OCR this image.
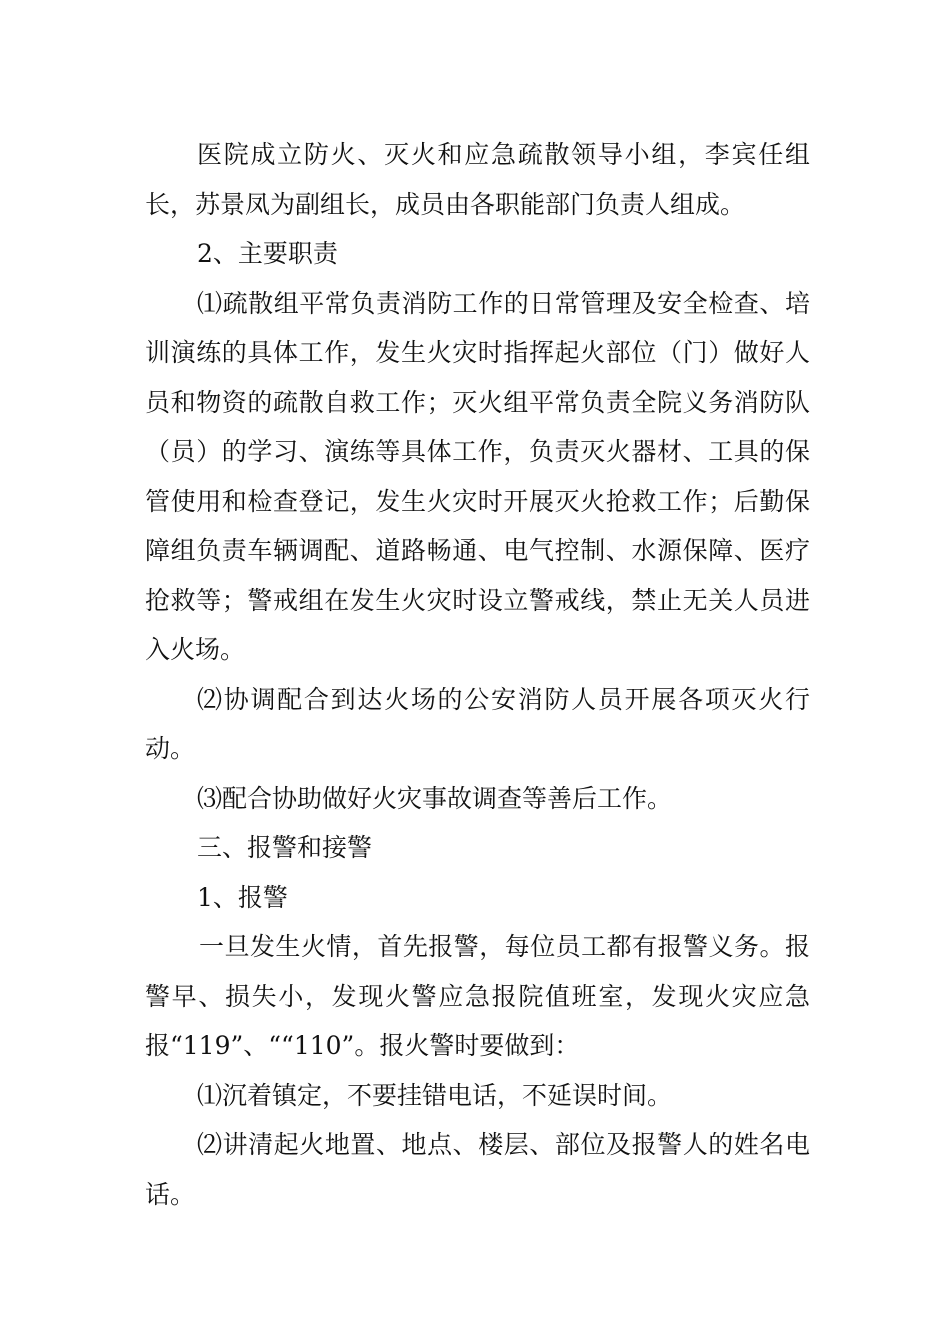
医院成立防火、灭火和应急疏散领导小组，李宾任组长，苏景凤为副组长，成员由各职能部门负责人组成。

2、主要职责

⑴疏散组平常负责消防工作的日常管理及安全检查、培训演练的具体工作，发生火灾时指挥起火部位（门）做好人员和物资的疏散自救工作；灭火组平常负责全院义务消防队（员）的学习、演练等具体工作，负责灭火器材、工具的保管使用和检查登记，发生火灾时开展灭火抢救工作；后勤保障组负责车辆调配、道路畅通、电气控制、水源保障、医疗抢救等；警戒组在发生火灾时设立警戒线，禁止无关人员进入火场。

⑵协调配合到达火场的公安消防人员开展各项灭火行动。

⑶配合协助做好火灾事故调查等善后工作。

三、报警和接警

1、报警

一旦发生火情，首先报警，每位员工都有报警义务。报警早、损失小，发现火警应急报院值班室，发现火灾应急报“119”、““110”。报火警时要做到：

⑴沉着镇定，不要挂错电话，不延误时间。

⑵讲清起火地置、地点、楼层、部位及报警人的姓名电话。
